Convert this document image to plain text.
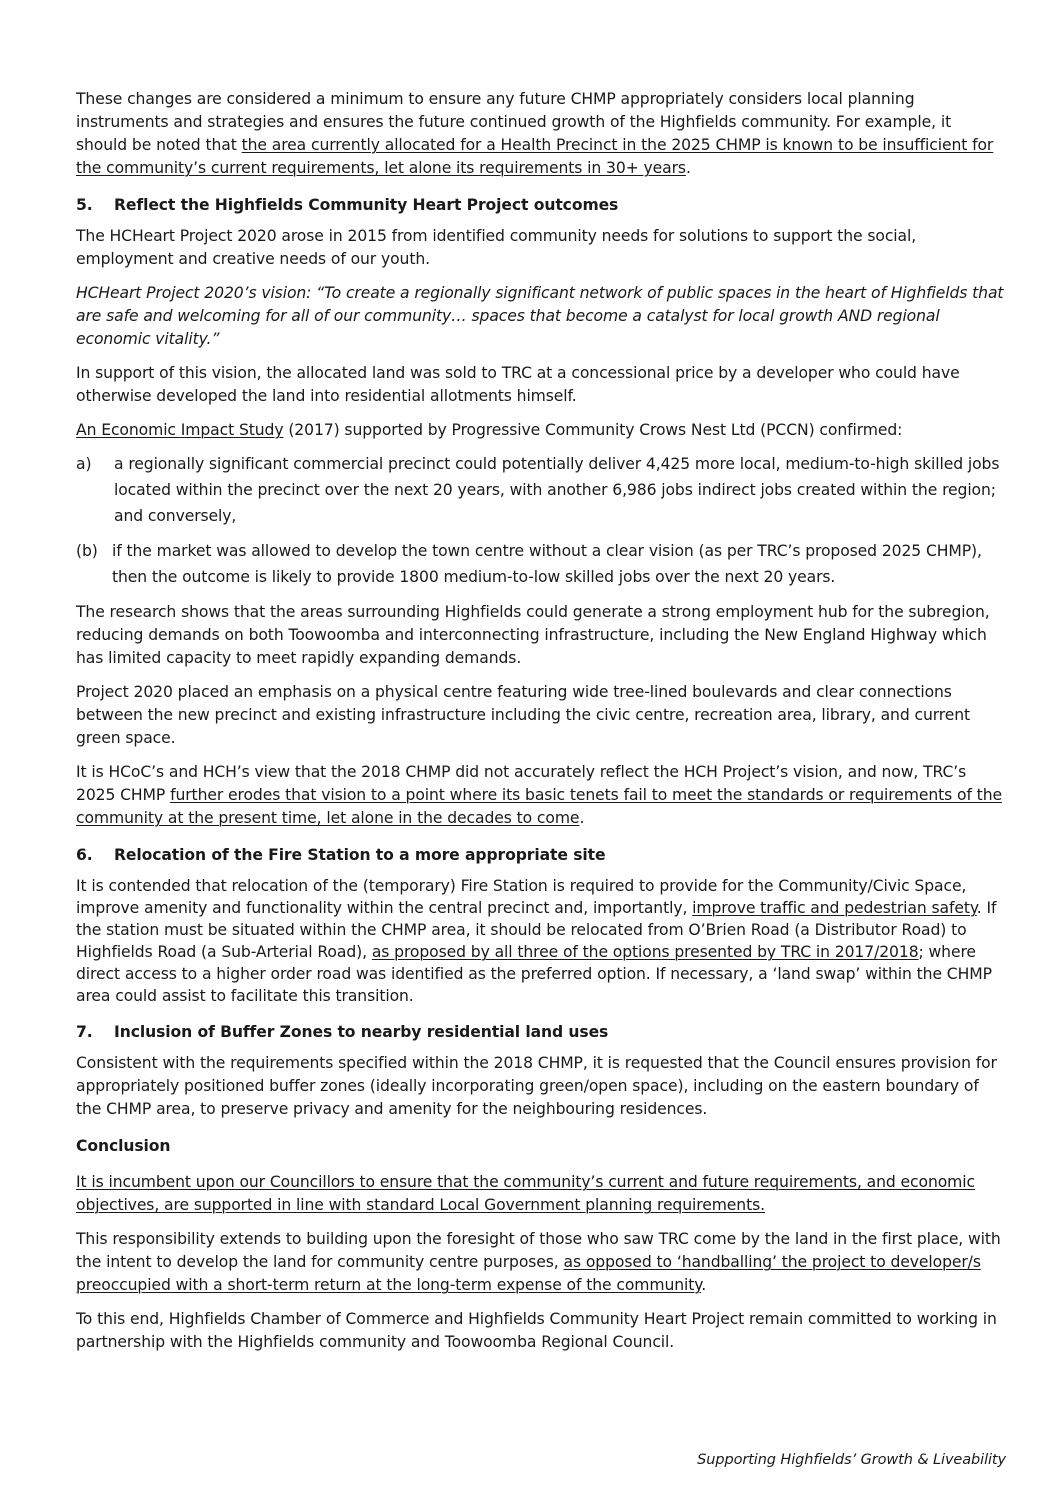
These changes are considered a minimum to ensure any future CHMP appropriately considers local planning instruments and strategies and ensures the future continued growth of the Highfields community. For example, it should be noted that the area currently allocated for a Health Precinct in the 2025 CHMP is known to be insufficient for the community’s current requirements, let alone its requirements in 30+ years.

5.	Reflect the Highfields Community Heart Project outcomes

The HCHeart Project 2020 arose in 2015 from identified community needs for solutions to support the social, employment and creative needs of our youth.

HCHeart Project 2020’s vision: “To create a regionally significant network of public spaces in the heart of Highfields that are safe and welcoming for all of our community… spaces that become a catalyst for local growth AND regional economic vitality.”

In support of this vision, the allocated land was sold to TRC at a concessional price by a developer who could have otherwise developed the land into residential allotments himself.

An Economic Impact Study (2017) supported by Progressive Community Crows Nest Ltd (PCCN) confirmed:

a)	a regionally significant commercial precinct could potentially deliver 4,425 more local, medium-to-high skilled jobs located within the precinct over the next 20 years, with another 6,986 jobs indirect jobs created within the region; and conversely,
(b) if the market was allowed to develop the town centre without a clear vision (as per TRC’s proposed 2025 CHMP), then the outcome is likely to provide 1800 medium-to-low skilled jobs over the next 20 years.

The research shows that the areas surrounding Highfields could generate a strong employment hub for the subregion, reducing demands on both Toowoomba and interconnecting infrastructure, including the New England Highway which has limited capacity to meet rapidly expanding demands.

Project 2020 placed an emphasis on a physical centre featuring wide tree-lined boulevards and clear connections between the new precinct and existing infrastructure including the civic centre, recreation area, library, and current green space.

It is HCoC’s and HCH’s view that the 2018 CHMP did not accurately reflect the HCH Project’s vision, and now, TRC’s 2025 CHMP further erodes that vision to a point where its basic tenets fail to meet the standards or requirements of the community at the present time, let alone in the decades to come.

6.	Relocation of the Fire Station to a more appropriate site

It is contended that relocation of the (temporary) Fire Station is required to provide for the Community/Civic Space, improve amenity and functionality within the central precinct and, importantly, improve traffic and pedestrian safety. If the station must be situated within the CHMP area, it should be relocated from O’Brien Road (a Distributor Road) to Highfields Road (a Sub-Arterial Road), as proposed by all three of the options presented by TRC in 2017/2018; where direct access to a higher order road was identified as the preferred option. If necessary, a ‘land swap’ within the CHMP area could assist to facilitate this transition.

7.	Inclusion of Buffer Zones to nearby residential land uses

Consistent with the requirements specified within the 2018 CHMP, it is requested that the Council ensures provision for appropriately positioned buffer zones (ideally incorporating green/open space), including on the eastern boundary of the CHMP area, to preserve privacy and amenity for the neighbouring residences.

Conclusion

It is incumbent upon our Councillors to ensure that the community’s current and future requirements, and economic objectives, are supported in line with standard Local Government planning requirements.

This responsibility extends to building upon the foresight of those who saw TRC come by the land in the first place, with the intent to develop the land for community centre purposes, as opposed to ‘handballing’ the project to developer/s preoccupied with a short-term return at the long-term expense of the community.

To this end, Highfields Chamber of Commerce and Highfields Community Heart Project remain committed to working in partnership with the Highfields community and Toowoomba Regional Council.

Supporting Highfields’ Growth & Liveability
